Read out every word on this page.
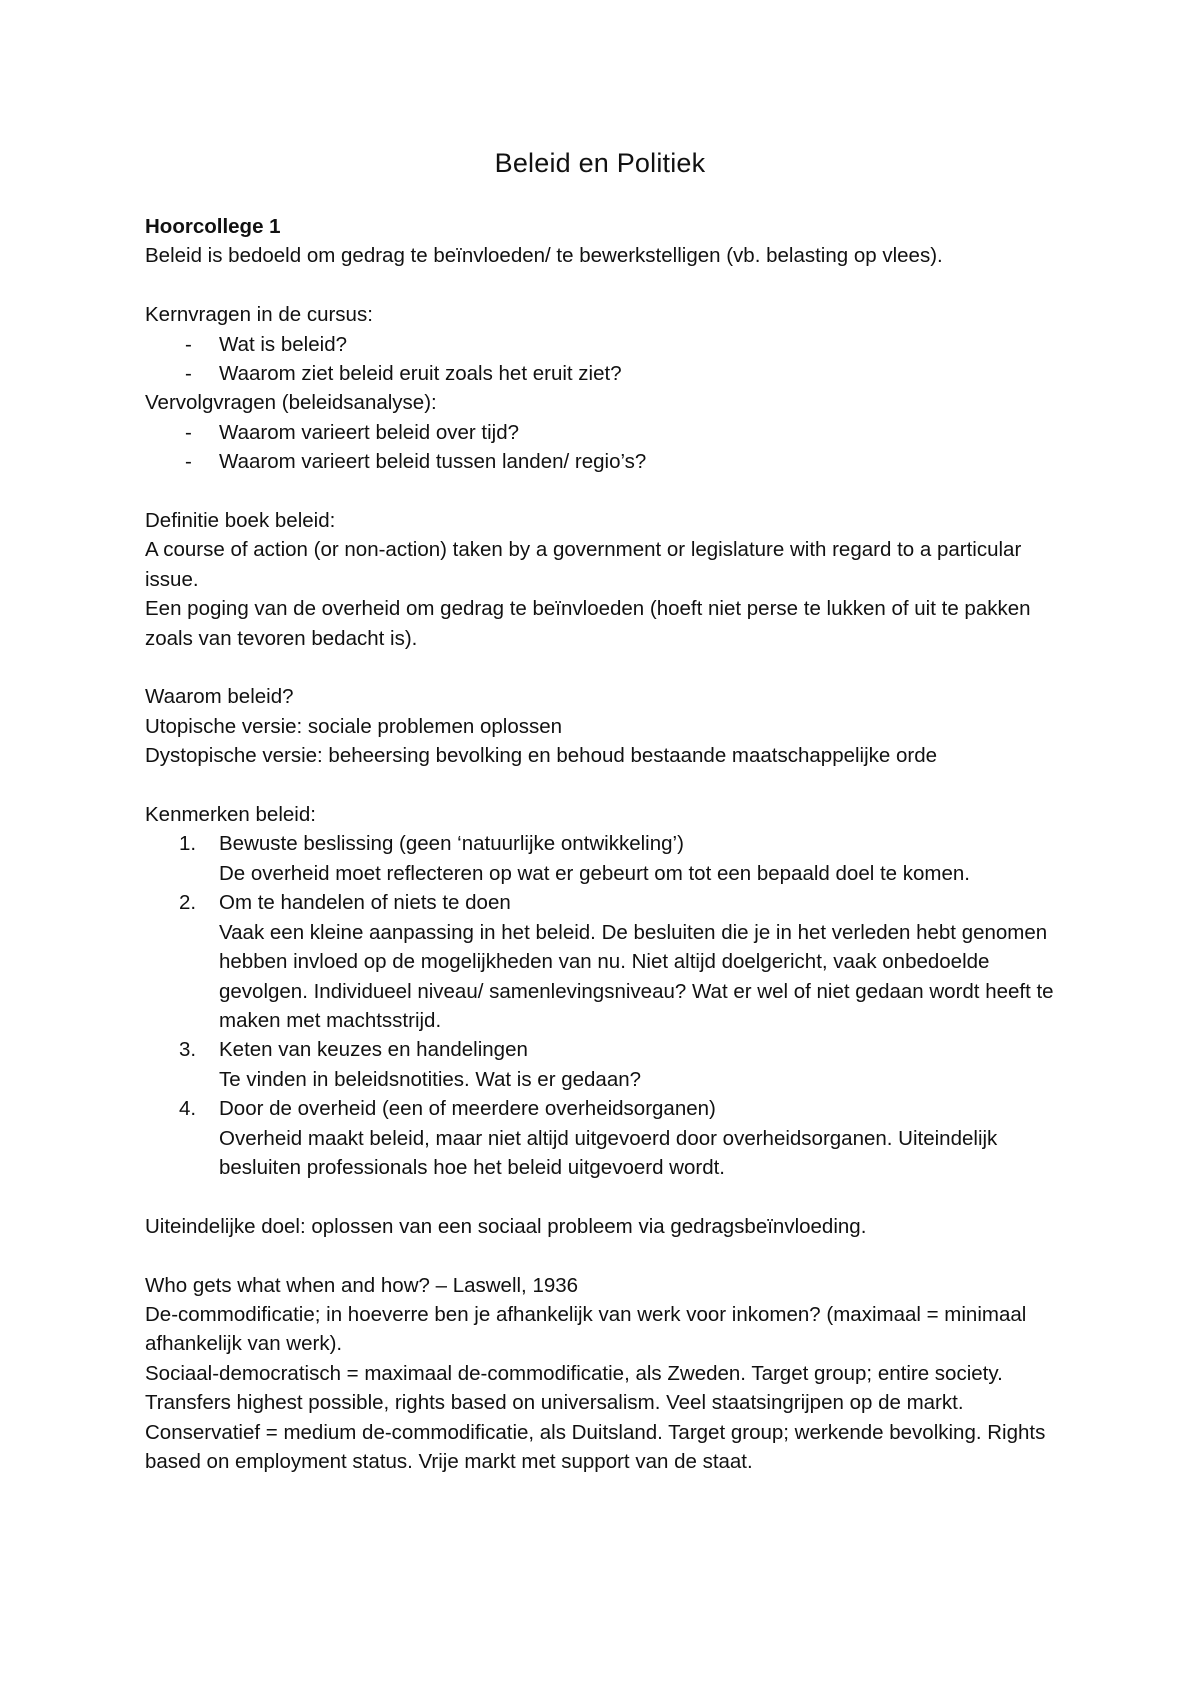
Beleid en Politiek

Hoorcollege 1

Beleid is bedoeld om gedrag te beïnvloeden/ te bewerkstelligen (vb. belasting op vlees).

Kernvragen in de cursus:

- Wat is beleid?
- Waarom ziet beleid eruit zoals het eruit ziet?

Vervolgvragen (beleidsanalyse):

- Waarom varieert beleid over tijd?
- Waarom varieert beleid tussen landen/ regio’s?

Definitie boek beleid:

A course of action (or non-action) taken by a government or legislature with regard to a particular issue.

Een poging van de overheid om gedrag te beïnvloeden (hoeft niet perse te lukken of uit te pakken zoals van tevoren bedacht is).

Waarom beleid?

Utopische versie: sociale problemen oplossen

Dystopische versie: beheersing bevolking en behoud bestaande maatschappelijke orde

Kenmerken beleid:

1. Bewuste beslissing (geen ‘natuurlijke ontwikkeling’)
De overheid moet reflecteren op wat er gebeurt om tot een bepaald doel te komen.
2. Om te handelen of niets te doen
Vaak een kleine aanpassing in het beleid. De besluiten die je in het verleden hebt genomen hebben invloed op de mogelijkheden van nu. Niet altijd doelgericht, vaak onbedoelde gevolgen. Individueel niveau/ samenlevingsniveau? Wat er wel of niet gedaan wordt heeft te maken met machtsstrijd.
3. Keten van keuzes en handelingen
Te vinden in beleidsnotities. Wat is er gedaan?
4. Door de overheid (een of meerdere overheidsorganen)
Overheid maakt beleid, maar niet altijd uitgevoerd door overheidsorganen. Uiteindelijk besluiten professionals hoe het beleid uitgevoerd wordt.

Uiteindelijke doel: oplossen van een sociaal probleem via gedragsbeïnvloeding.

Who gets what when and how? – Laswell, 1936

De-commodificatie; in hoeverre ben je afhankelijk van werk voor inkomen? (maximaal = minimaal afhankelijk van werk).

Sociaal-democratisch = maximaal de-commodificatie, als Zweden. Target group; entire society. Transfers highest possible, rights based on universalism. Veel staatsingrijpen op de markt.

Conservatief = medium de-commodificatie, als Duitsland. Target group; werkende bevolking. Rights based on employment status. Vrije markt met support van de staat.
